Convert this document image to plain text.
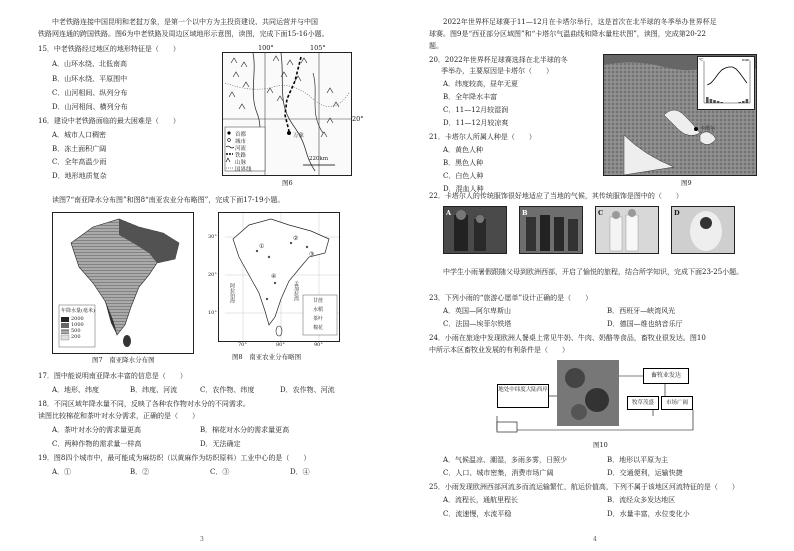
中老铁路连接中国昆明和老挝万象，是第一个以中方为主投资建设、共同运营并与中国
铁路网连通的跨国铁路。图6为中老铁路及周边区域地形示意图，读图，完成下面15-16小题。
15．中老铁路经过地区的地形特征是（　　）
A．山环水绕、北低南高
B．山环水绕、平原围中
C．山河相间、纵列分布
D．山河相间、横列分布
16．建设中老铁路面临的最大困难是（　　）
A．城市人口稠密
B．冻土面积广阔
C．全年高温少雨
D．地形地质复杂
首都
城市
河流
铁路
山脉
国界线
万象
220km
100°	105°
20°
图6
读图7“南亚降水分布图”和图8“南亚农业分布略图”，完成下面17-19小题。
年降水量(毫米)
2000
1000
500
200
图7　南亚降水分布图
①
②
③
④
阿拉伯海	孟加拉湾	甘蔗
水稻
茶叶
棉花
30°
20°
10°
70°	80°	90°
图8　南亚农业分布略图
17．图中能说明南亚降水丰富的信息是（　　）
A．地形、纬度	B．纬度、河流	C．农作物、纬度	D．农作物、河流
18．不同区域年降水量不同，反映了各种农作物对水分的不同需求。
读图比较棉花和茶叶对水分需求，正确的是（　　）
A．茶叶对水分的需求量更高	B．棉花对水分的需求量更高
C．两种作物的需求量一样高	D．无法确定
19．图8四个城市中，最可能成为麻纺织（以黄麻作为纺织原料）工业中心的是（　　）
A．①	B．②	C．③	D．④
3
2022年世界杯足球赛于11—12月在卡塔尔举行，这是首次在北半球的冬季举办世界杯足
球赛。图9是“西亚部分区域图”和“卡塔尔气温曲线和降水量柱状图”，读图，完成第20-22
题。
20．2022年世界杯足球赛选择在北半球的冬
季举办，主要原因是卡塔尔（　　）
A．纬度较高，昼年无夏
B．全年降水丰富
C．11—12月较湿润
D．11—12月较凉爽
21．卡塔尔人所属人种是（　　）
A．黄色人种
B．黑色人种
C．白色人种
D．混血人种
卡塔尔
℃	mm
图9
22．卡塔尔人的传统服饰很好地适应了当地的气候，其传统服饰是图中的（　　）
A	B	C	D
中学生小雨暑假跟随父母到欧洲西部，开启了愉悦的旅程，结合所学知识，完成下面23-25小题。
23．下列小雨的“旅游心愿单”设计正确的是（　　）
A．英国—阿尔卑斯山	B．西班牙—峡湾风光
C．法国—埃菲尔铁塔	D．德国—维也纳音乐厅
24．小雨在旅途中发现欧洲人餐桌上常见牛奶、牛肉、奶酪等食品，畜牧业很发达。图10
中所示本区畜牧业发展的有利条件是（　　）
畜牧业发达
地处中纬度大陆西岸
牧草茂盛	市场广阔
图10
A．气候温凉、潮湿，多雨多雾，日照少	B．地形以平原为主
C．人口、城市密集，消费市场广阔	D．交通便利，运输快捷
25．小雨发现欧洲西部河流多而流运输繁忙，航运价值高，下列不属于该地区河流特征的是（　　）
A．流程长，通航里程长	B．流经众多发达地区
C．流速慢，水流平稳	D．水量丰富，水位变化小
4
